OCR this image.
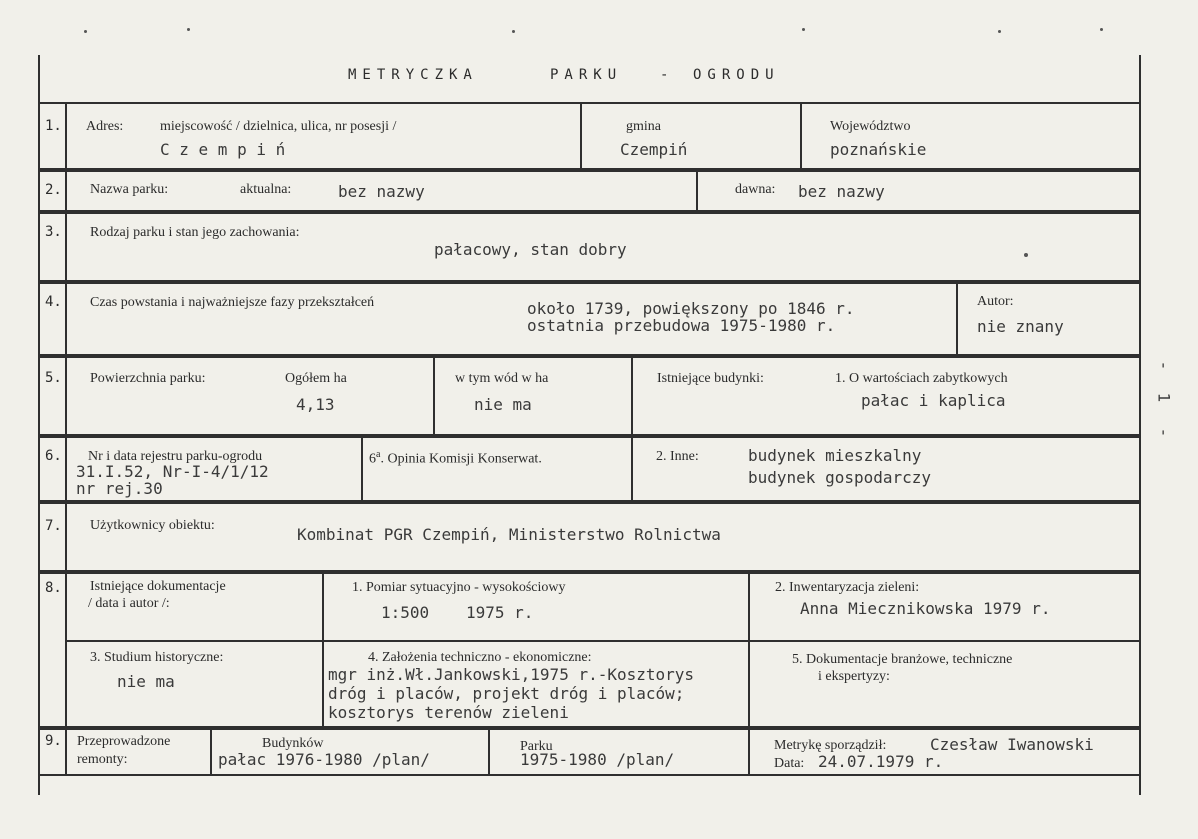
METRYCZKA	PARKU	- OGRODU
1. Adres:	miejscowość / dzielnica, ulica, nr posesji /
C z e m p i ń
gmina
Czempiń
Województwo
poznańskie
2. Nazwa parku:	aktualna:	bez nazwy	dawna: bez nazwy
3. Rodzaj parku i stan jego zachowania:
pałacowy, stan dobry
4. Czas powstania i najważniejsze fazy przekształceń	około 1739, powiększony po 1846 r.
ostatnia przebudowa 1975-1980 r.
Autor:
nie znany
5. Powierzchnia parku:	Ogółem ha
4,13
w tym wód w ha
nie ma
Istniejące budynki:	1. O wartościach zabytkowych
pałac i kaplica
6. Nr i data rejestru parku-ogrodu
31.I.52, Nr-I-4/1/12
nr rej.30
6$^a$. Opinia Komisji Konserwat.	2. Inne:	budynek mieszkalny
budynek gospodarczy
7. Użytkownicy obiektu:	Kombinat PGR Czempiń, Ministerstwo Rolnictwa
8. Istniejące dokumentacje
/ data i autor /:
1. Pomiar sytuacyjno - wysokościowy
1:500 1975 r.
2. Inwentaryzacja zieleni:
Anna Miecznikowska 1979 r.
3. Studium historyczne:
nie ma
4. Założenia techniczno - ekonomiczne:
mgr inż.Wł.Jankowski,1975 r.-Kosztorys
dróg i placów, projekt dróg i placów;
kosztorys terenów zieleni
5. Dokumentacje branżowe, techniczne
i ekspertyzy:
9. Przeprowadzone
remonty:
Budynków
pałac 1976-1980 /plan/
Parku
1975-1980 /plan/
Metrykę sporządził:	Czesław Iwanowski
Data: 24.07.1979 r.
-
1
-
